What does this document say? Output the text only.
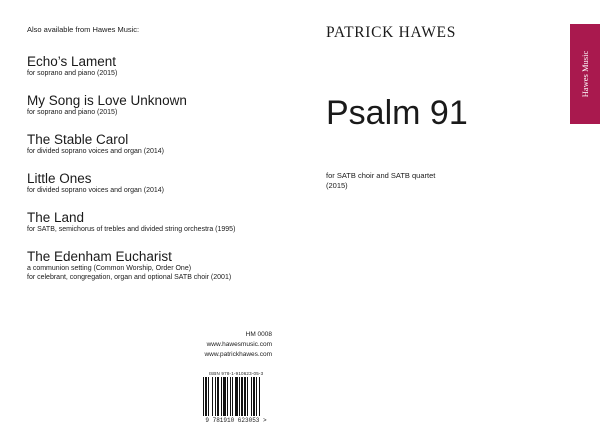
Also available from Hawes Music:
Echo’s Lament
for soprano and piano (2015)
My Song is Love Unknown
for soprano and piano (2015)
The Stable Carol
for divided soprano voices and organ (2014)
Little Ones
for divided soprano voices and organ (2014)
The Land
for SATB, semichorus of trebles and divided string orchestra (1995)
The Edenham Eucharist
a communion setting (Common Worship, Order One)
for celebrant, congregation, organ and optional SATB choir (2001)
HM 0008
www.hawesmusic.com
www.patrickhawes.com
ISBN 978-1-910623-05-3
9 781910 623053 >
PATRICK HAWES
Psalm 91
for SATB choir and SATB quartet
(2015)
Hawes Music
